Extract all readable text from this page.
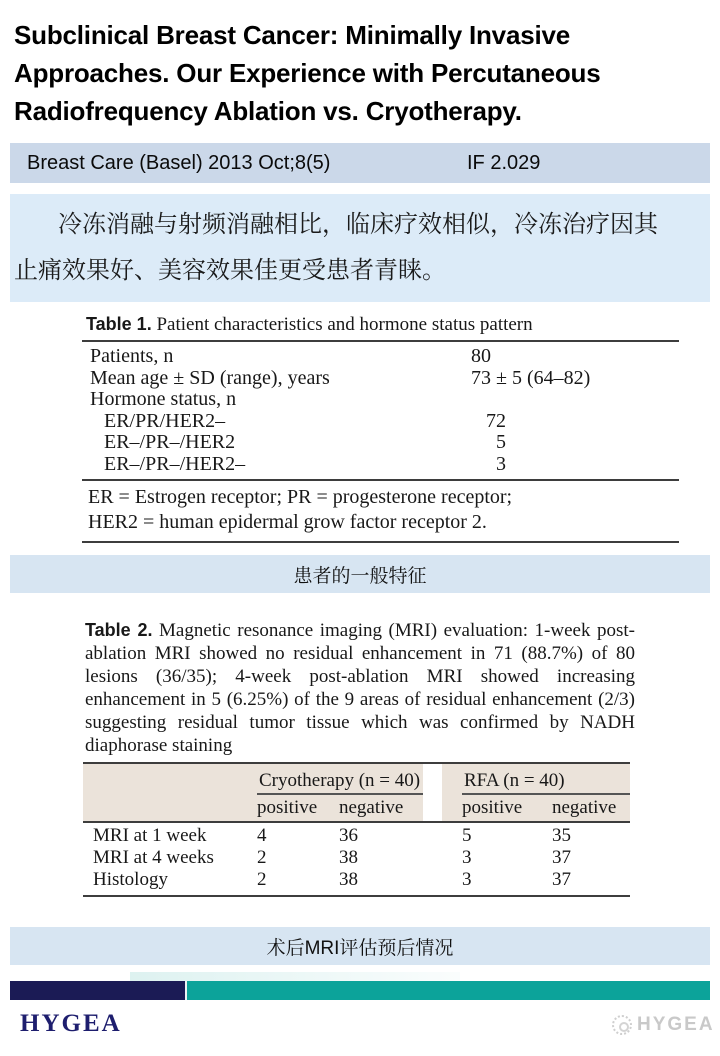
Subclinical Breast Cancer: Minimally Invasive Approaches. Our Experience with Percutaneous Radiofrequency Ablation vs. Cryotherapy.
Breast Care (Basel) 2013 Oct;8(5)	IF 2.029
冷冻消融与射频消融相比，临床疗效相似，冷冻治疗因其止痛效果好、美容效果佳更受患者青睐。
Table 1. Patient characteristics and hormone status pattern
Patients, n	80
Mean age ± SD (range), years	73 ± 5 (64–82)
Hormone status, n
ER/PR/HER2–	72
ER–/PR–/HER2	5
ER–/PR–/HER2–	3
ER = Estrogen receptor; PR = progesterone receptor;
HER2 = human epidermal grow factor receptor 2.
患者的一般特征
Table 2. Magnetic resonance imaging (MRI) evaluation: 1-week post-ablation MRI showed no residual enhancement in 71 (88.7%) of 80 lesions (36/35); 4-week post-ablation MRI showed increasing enhancement in 5 (6.25%) of the 9 areas of residual enhancement (2/3) suggesting residual tumor tissue which was confirmed by NADH diaphorase staining
Cryotherapy (n = 40) RFA (n = 40)
positive	negative	positive	negative
MRI at 1 week	4	36	5	35
MRI at 4 weeks	2	38	3	37
Histology	2	38	3	37
术后MRI评估预后情况
HYGEA	HYGEA
